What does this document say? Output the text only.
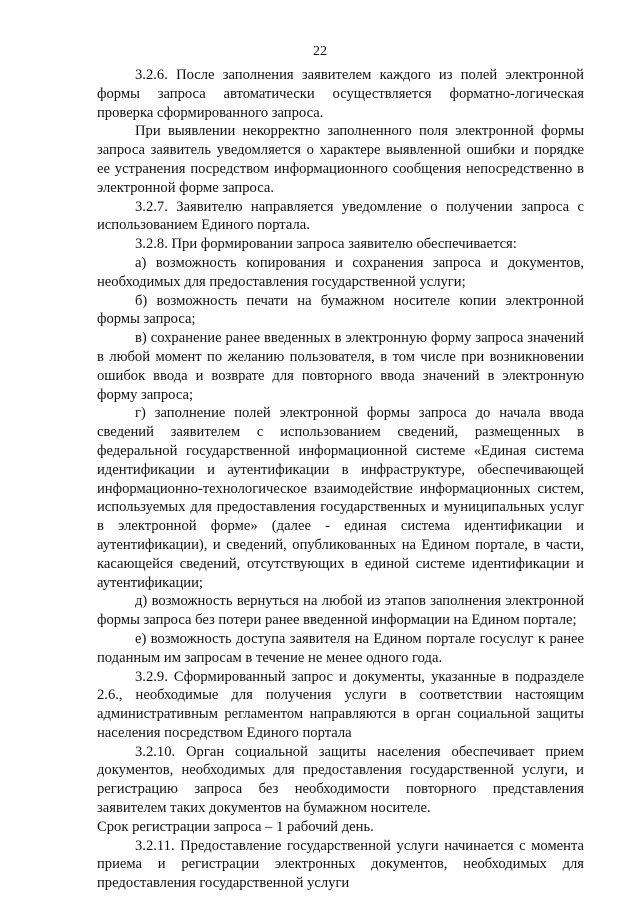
22

3.2.6. После заполнения заявителем каждого из полей электронной формы запроса автоматически осуществляется форматно-логическая проверка сформированного запроса.

При выявлении некорректно заполненного поля электронной формы запроса заявитель уведомляется о характере выявленной ошибки и порядке ее устранения посредством информационного сообщения непосредственно в электронной форме запроса.

3.2.7. Заявителю направляется уведомление о получении запроса с использованием Единого портала.

3.2.8. При формировании запроса заявителю обеспечивается:

а) возможность копирования и сохранения запроса и документов, необходимых для предоставления государственной услуги;

б) возможность печати на бумажном носителе копии электронной формы запроса;

в) сохранение ранее введенных в электронную форму запроса значений в любой момент по желанию пользователя, в том числе при возникновении ошибок ввода и возврате для повторного ввода значений в электронную форму запроса;

г) заполнение полей электронной формы запроса до начала ввода сведений заявителем с использованием сведений, размещенных в федеральной государственной информационной системе «Единая система идентификации и аутентификации в инфраструктуре, обеспечивающей информационно-технологическое взаимодействие информационных систем, используемых для предоставления государственных и муниципальных услуг в электронной форме» (далее - единая система идентификации и аутентификации), и сведений, опубликованных на Едином портале, в части, касающейся сведений, отсутствующих в единой системе идентификации и аутентификации;

д) возможность вернуться на любой из этапов заполнения электронной формы запроса без потери ранее введенной информации на Едином портале;

е) возможность доступа заявителя на Едином портале госуслуг к ранее поданным им запросам в течение не менее одного года.

3.2.9. Сформированный запрос и документы, указанные в подразделе 2.6., необходимые для получения услуги в соответствии настоящим административным регламентом направляются в орган социальной защиты населения посредством Единого портала

3.2.10. Орган социальной защиты населения обеспечивает прием документов, необходимых для предоставления государственной услуги, и регистрацию запроса без необходимости повторного представления заявителем таких документов на бумажном носителе.

Срок регистрации запроса – 1 рабочий день.

3.2.11. Предоставление государственной услуги начинается с момента приема и регистрации электронных документов, необходимых для предоставления государственной услуги
